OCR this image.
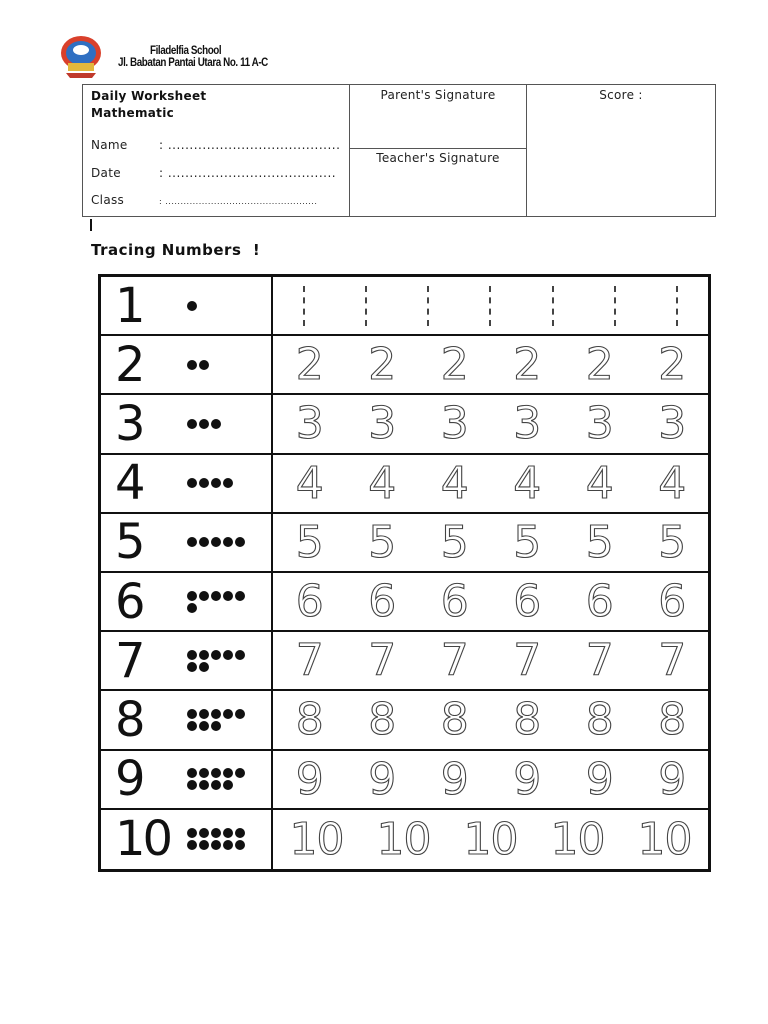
Filadelfia School
Jl. Babatan Pantai Utara No. 11 A-C
Daily Worksheet
Mathematic
Name	: ........................................
Date	: .......................................
Class	: ..................................................
Parent's Signature
Teacher's Signature
Score :
Tracing Numbers  !
1
2	2	2	2	2	2	2
3	3	3	3	3	3	3
4	4	4	4	4	4	4
5	5	5	5	5	5	5
6	6	6	6	6	6	6
7	7	7	7	7	7	7
8	8	8	8	8	8	8
9	9	9	9	9	9	9
10	10 10 10 10 10
